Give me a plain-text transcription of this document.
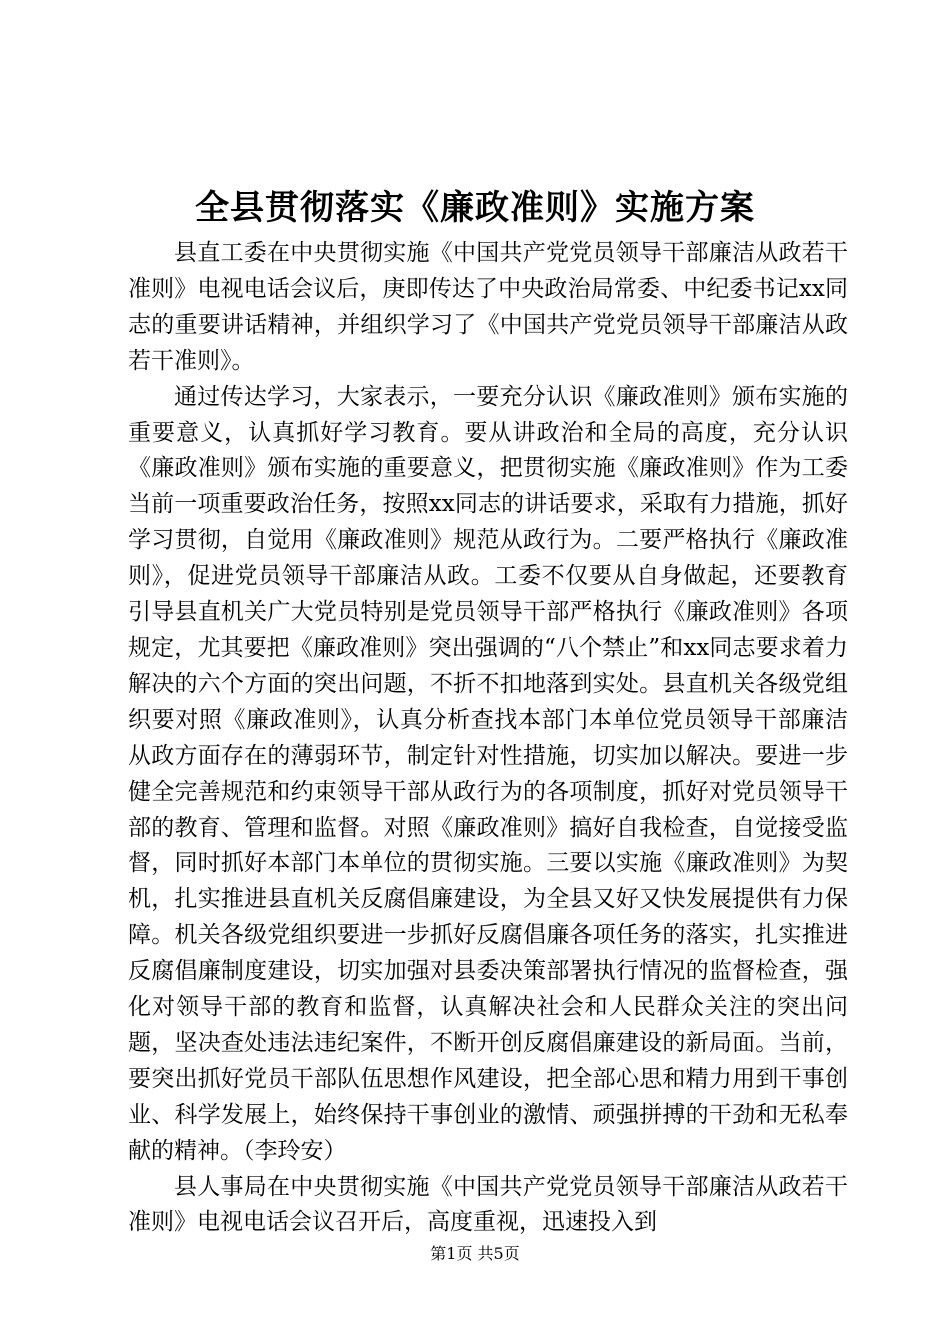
全县贯彻落实《廉政准则》实施方案

县直工委在中央贯彻实施《中国共产党党员领导干部廉洁从政若干准则》电视电话会议后，庚即传达了中央政治局常委、中纪委书记xx同志的重要讲话精神，并组织学习了《中国共产党党员领导干部廉洁从政若干准则》。

通过传达学习，大家表示，一要充分认识《廉政准则》颁布实施的重要意义，认真抓好学习教育。要从讲政治和全局的高度，充分认识《廉政准则》颁布实施的重要意义，把贯彻实施《廉政准则》作为工委当前一项重要政治任务，按照xx同志的讲话要求，采取有力措施，抓好学习贯彻，自觉用《廉政准则》规范从政行为。二要严格执行《廉政准则》，促进党员领导干部廉洁从政。工委不仅要从自身做起，还要教育引导县直机关广大党员特别是党员领导干部严格执行《廉政准则》各项规定，尤其要把《廉政准则》突出强调的“八个禁止”和xx同志要求着力解决的六个方面的突出问题，不折不扣地落到实处。县直机关各级党组织要对照《廉政准则》，认真分析查找本部门本单位党员领导干部廉洁从政方面存在的薄弱环节，制定针对性措施，切实加以解决。要进一步健全完善规范和约束领导干部从政行为的各项制度，抓好对党员领导干部的教育、管理和监督。对照《廉政准则》搞好自我检查，自觉接受监督，同时抓好本部门本单位的贯彻实施。三要以实施《廉政准则》为契机，扎实推进县直机关反腐倡廉建设，为全县又好又快发展提供有力保障。机关各级党组织要进一步抓好反腐倡廉各项任务的落实，扎实推进反腐倡廉制度建设，切实加强对县委决策部署执行情况的监督检查，强化对领导干部的教育和监督，认真解决社会和人民群众关注的突出问题，坚决查处违法违纪案件，不断开创反腐倡廉建设的新局面。当前，要突出抓好党员干部队伍思想作风建设，把全部心思和精力用到干事创业、科学发展上，始终保持干事创业的激情、顽强拼搏的干劲和无私奉献的精神。（李玲安）

县人事局在中央贯彻实施《中国共产党党员领导干部廉洁从政若干准则》电视电话会议召开后，高度重视，迅速投入到

第1页 共5页
